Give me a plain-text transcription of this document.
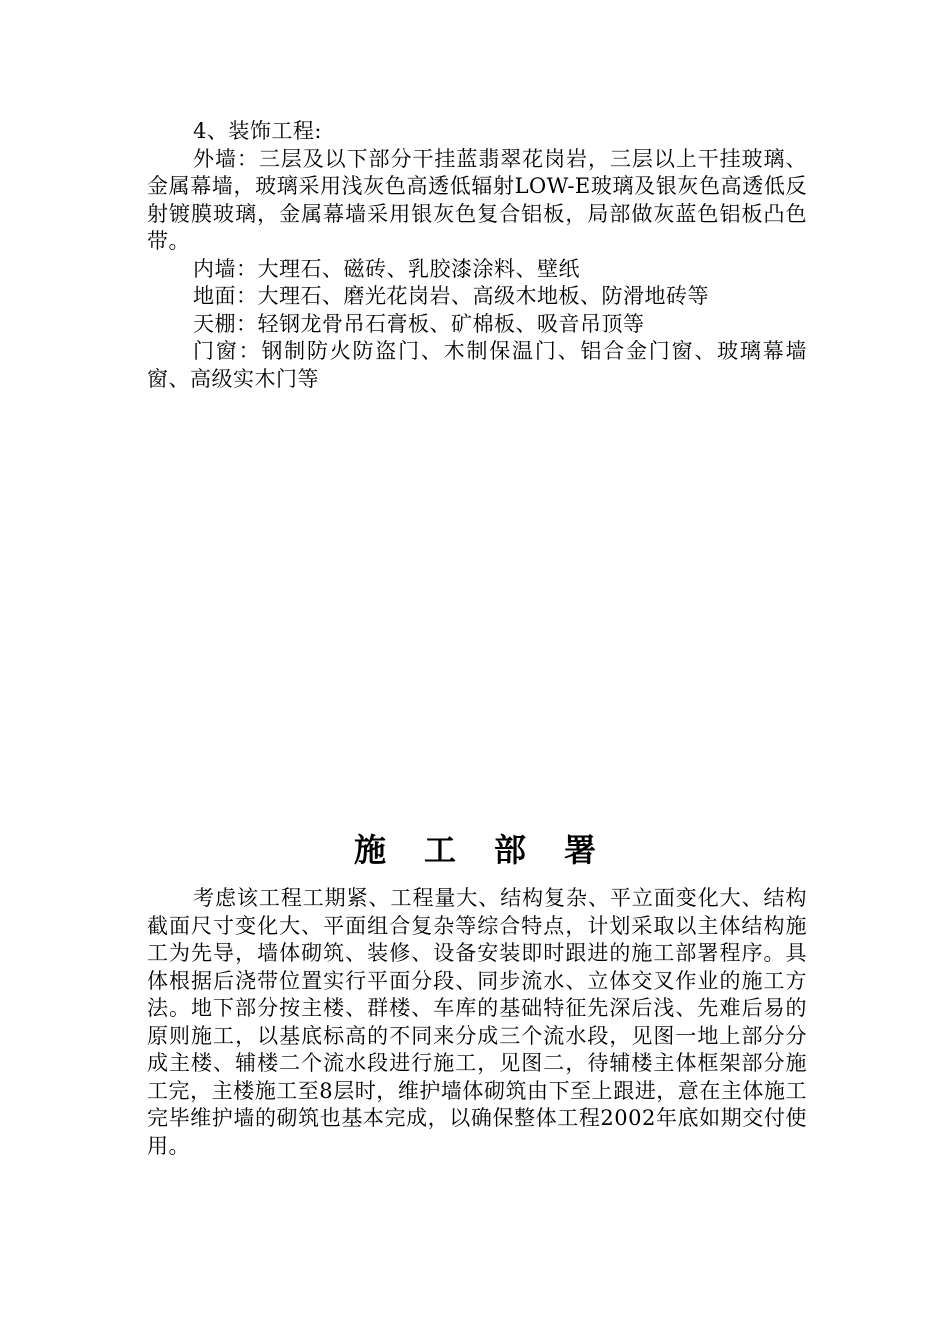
4、装饰工程:

外墙：三层及以下部分干挂蓝翡翠花岗岩，三层以上干挂玻璃、金属幕墙，玻璃采用浅灰色高透低辐射LOW-E玻璃及银灰色高透低反射镀膜玻璃，金属幕墙采用银灰色复合铝板，局部做灰蓝色铝板凸色带。

内墙：大理石、磁砖、乳胶漆涂料、壁纸

地面：大理石、磨光花岗岩、高级木地板、防滑地砖等

天棚：轻钢龙骨吊石膏板、矿棉板、吸音吊顶等

门窗：钢制防火防盗门、木制保温门、铝合金门窗、玻璃幕墙窗、高级实木门等

施 工 部 署

考虑该工程工期紧、工程量大、结构复杂、平立面变化大、结构截面尺寸变化大、平面组合复杂等综合特点，计划采取以主体结构施工为先导，墙体砌筑、装修、设备安装即时跟进的施工部署程序。具体根据后浇带位置实行平面分段、同步流水、立体交叉作业的施工方法。地下部分按主楼、群楼、车库的基础特征先深后浅、先难后易的原则施工，以基底标高的不同来分成三个流水段，见图一地上部分分成主楼、辅楼二个流水段进行施工，见图二，待辅楼主体框架部分施工完，主楼施工至8层时，维护墙体砌筑由下至上跟进，意在主体施工完毕维护墙的砌筑也基本完成，以确保整体工程2002年底如期交付使用。
